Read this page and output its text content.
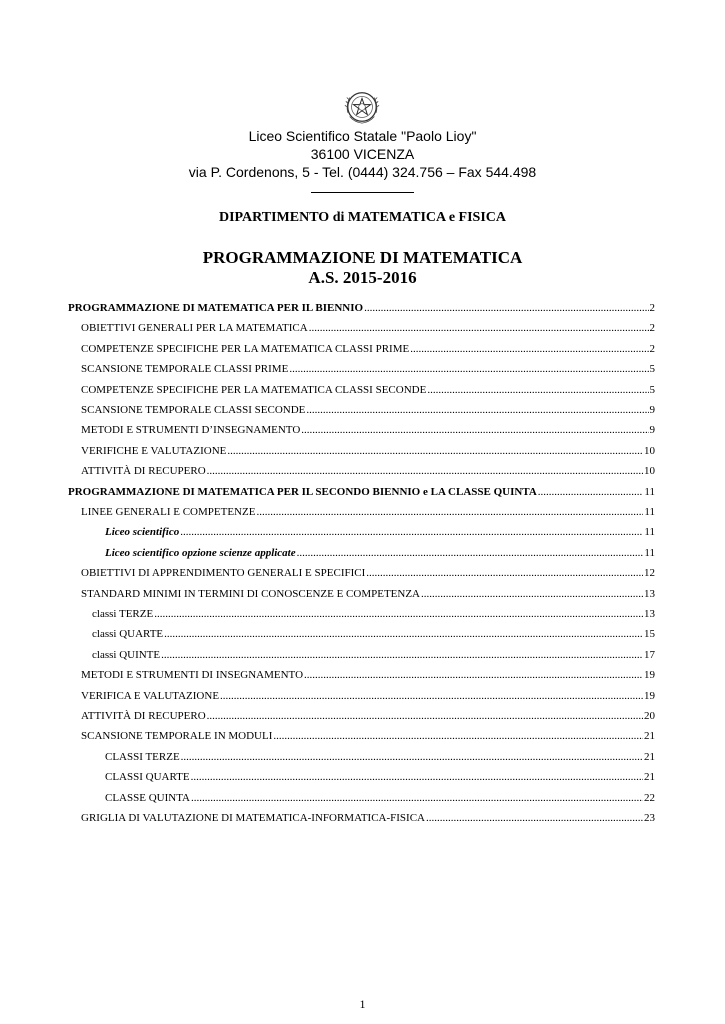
Liceo Scientifico Statale "Paolo Lioy"
36100 VICENZA
via P. Cordenons, 5 - Tel. (0444) 324.756 – Fax 544.498
DIPARTIMENTO di MATEMATICA e FISICA
PROGRAMMAZIONE DI MATEMATICA
A.S. 2015-2016
PROGRAMMAZIONE DI MATEMATICA PER IL BIENNIO .....	2
OBIETTIVI GENERALI PER LA MATEMATICA .....	2
COMPETENZE SPECIFICHE PER LA MATEMATICA CLASSI PRIME .....	2
SCANSIONE TEMPORALE CLASSI PRIME .....	5
COMPETENZE SPECIFICHE PER LA MATEMATICA CLASSI SECONDE .....	5
SCANSIONE TEMPORALE CLASSI SECONDE .....	9
METODI E STRUMENTI D’INSEGNAMENTO .....	9
VERIFICHE E VALUTAZIONE .....	10
ATTIVITÀ DI RECUPERO .....	10
PROGRAMMAZIONE DI MATEMATICA PER IL SECONDO BIENNIO e LA CLASSE QUINTA .....	11
LINEE GENERALI E COMPETENZE .....	11
Liceo scientifico .....	11
Liceo scientifico opzione scienze applicate .....	11
OBIETTIVI DI APPRENDIMENTO GENERALI E SPECIFICI .....	12
STANDARD MINIMI IN TERMINI DI CONOSCENZE E COMPETENZA .....	13
classi TERZE .....	13
classi QUARTE .....	15
classi QUINTE .....	17
METODI E STRUMENTI DI INSEGNAMENTO .....	19
VERIFICA E VALUTAZIONE .....	19
ATTIVITÀ DI RECUPERO .....	20
SCANSIONE TEMPORALE IN MODULI .....	21
CLASSI TERZE .....	21
CLASSI QUARTE .....	21
CLASSE QUINTA .....	22
GRIGLIA DI VALUTAZIONE DI MATEMATICA-INFORMATICA-FISICA .....	23
1
